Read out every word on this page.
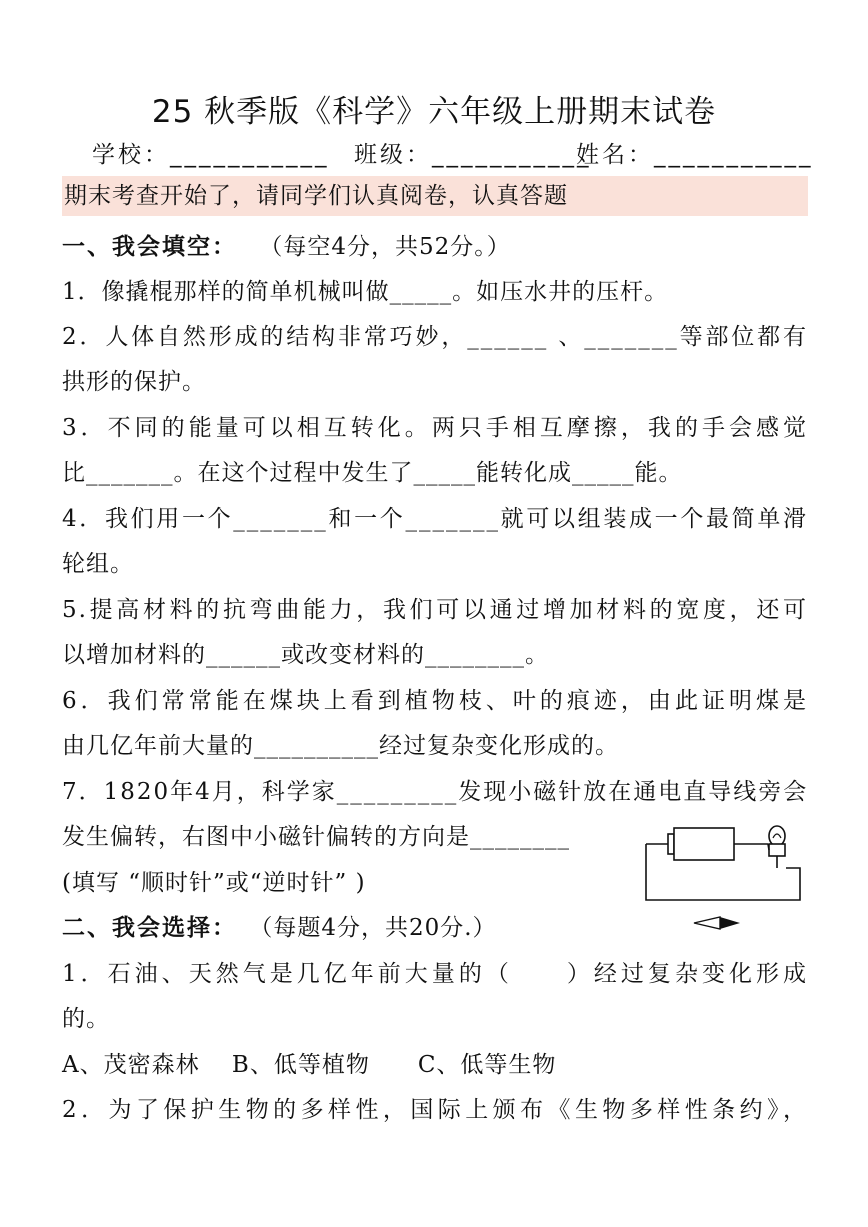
25 秋季版《科学》六年级上册期末试卷
学校：___________ 班级：___________
姓名：___________
期末考查开始了，请同学们认真阅卷，认真答题
一、我会填空： （每空4分，共52分。）
1．像撬棍那样的简单机械叫做_____。如压水井的压杆。
2．人体自然形成的结构非常巧妙，______ 、_______等部位都有
拱形的保护。
3．不同的能量可以相互转化。两只手相互摩擦，我的手会感觉
比_______。在这个过程中发生了_____能转化成_____能。
4．我们用一个_______和一个_______就可以组装成一个最简单滑
轮组。
5.提高材料的抗弯曲能力，我们可以通过增加材料的宽度，还可
以增加材料的______或改变材料的________。
6．我们常常能在煤块上看到植物枝、叶的痕迹，由此证明煤是
由几亿年前大量的__________经过复杂变化形成的。
7．1820年4月，科学家_________发现小磁针放在通电直导线旁会
发生偏转，右图中小磁针偏转的方向是________
(填写 “顺时针”或“逆时针” )
二、我会选择： （每题4分，共20分.）
1．石油、天然气是几亿年前大量的（　　）经过复杂变化形成
的。
A、茂密森林　 B、低等植物　　C、低等生物
2．为了保护生物的多样性，国际上颁布《生物多样性条约》，
